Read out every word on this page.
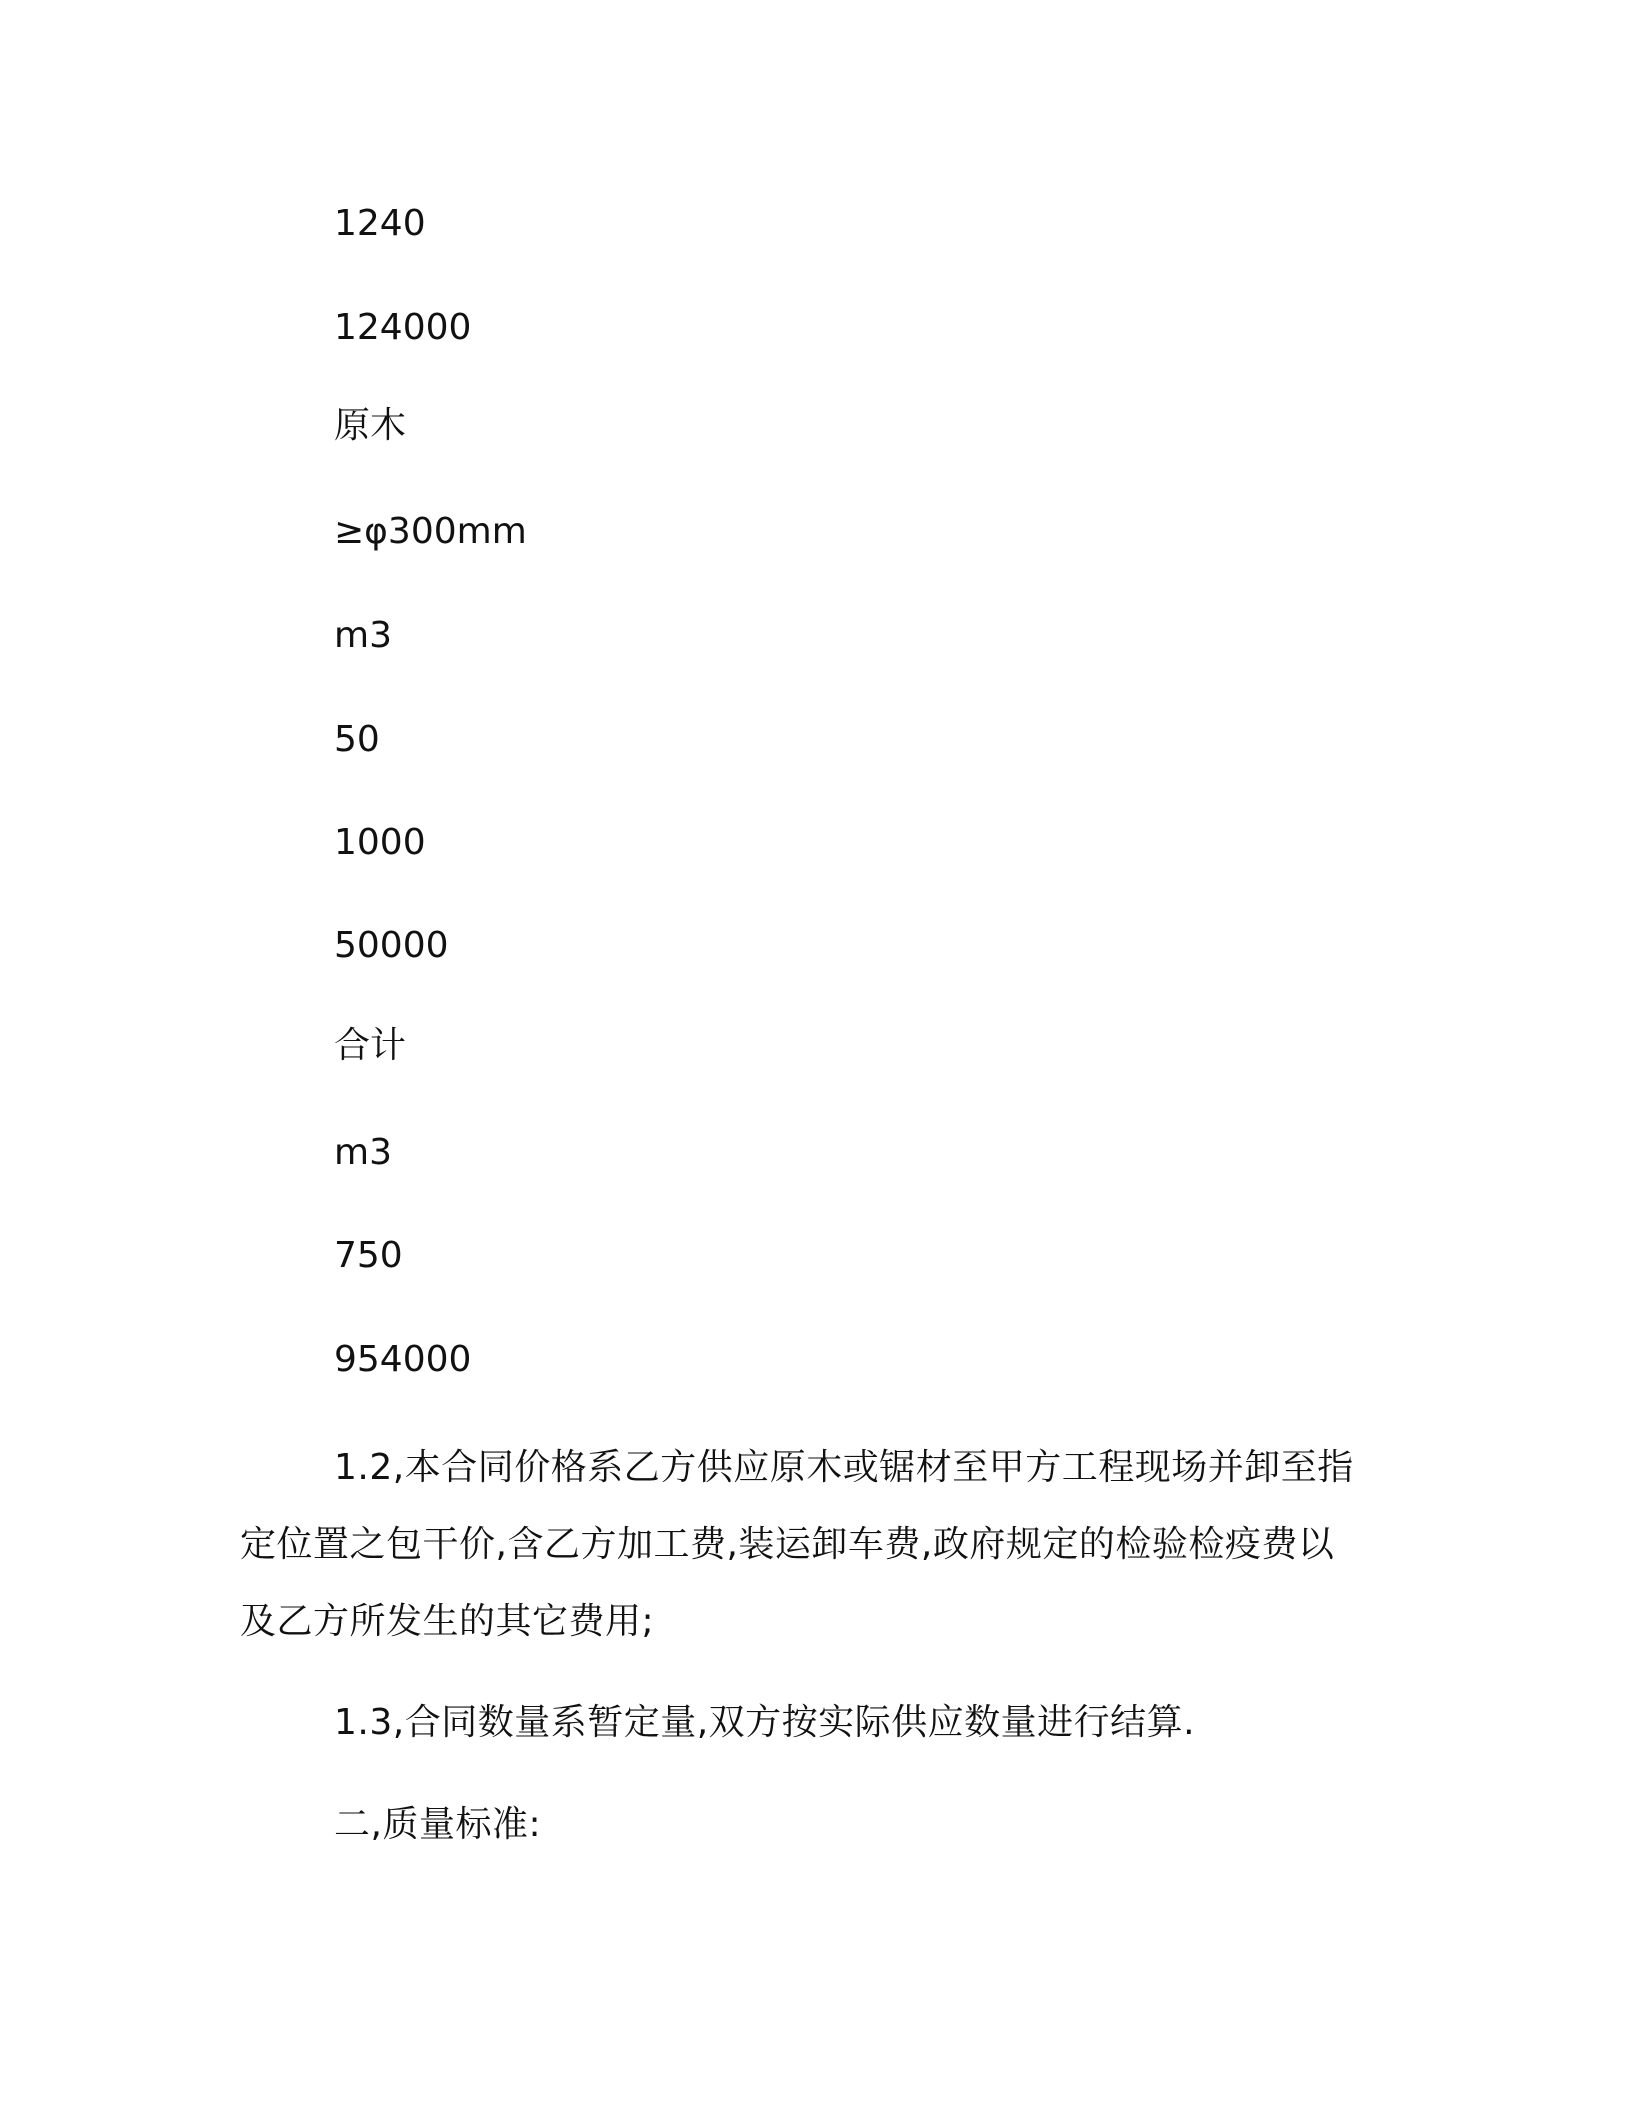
1240
124000
原木
≥φ300mm
m3
50
1000
50000
合计
m3
750
954000
1.2,本合同价格系乙方供应原木或锯材至甲方工程现场并卸至指定位置之包干价,含乙方加工费,装运卸车费,政府规定的检验检疫费以及乙方所发生的其它费用;
1.3,合同数量系暂定量,双方按实际供应数量进行结算.
二,质量标准:
